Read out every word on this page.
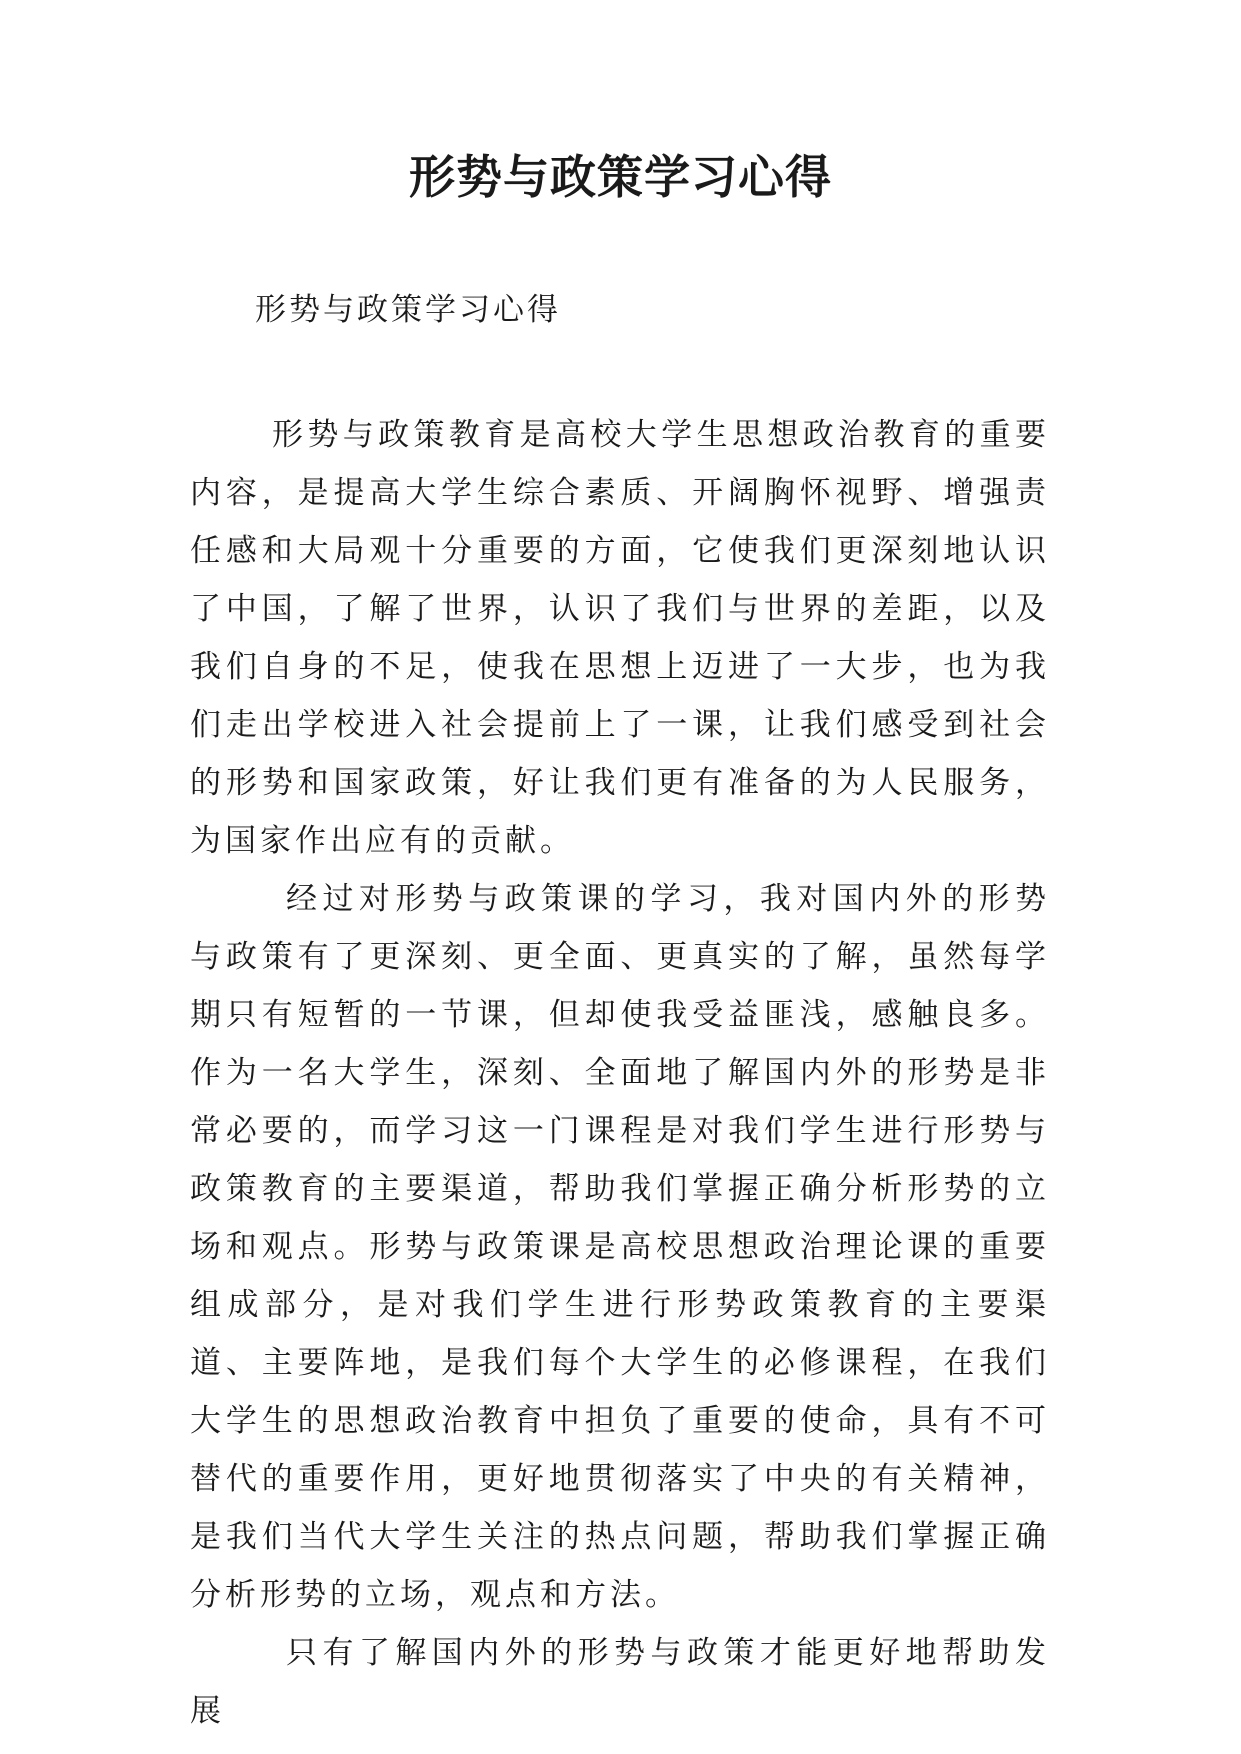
形势与政策学习心得

形势与政策学习心得

形势与政策教育是高校大学生思想政治教育的重要内容，是提高大学生综合素质、开阔胸怀视野、增强责任感和大局观十分重要的方面，它使我们更深刻地认识了中国，了解了世界，认识了我们与世界的差距，以及我们自身的不足，使我在思想上迈进了一大步，也为我们走出学校进入社会提前上了一课，让我们感受到社会的形势和国家政策，好让我们更有准备的为人民服务，为国家作出应有的贡献。

经过对形势与政策课的学习，我对国内外的形势与政策有了更深刻、更全面、更真实的了解，虽然每学期只有短暂的一节课，但却使我受益匪浅，感触良多。作为一名大学生，深刻、全面地了解国内外的形势是非常必要的，而学习这一门课程是对我们学生进行形势与政策教育的主要渠道，帮助我们掌握正确分析形势的立场和观点。形势与政策课是高校思想政治理论课的重要组成部分，是对我们学生进行形势政策教育的主要渠道、主要阵地，是我们每个大学生的必修课程，在我们大学生的思想政治教育中担负了重要的使命，具有不可替代的重要作用，更好地贯彻落实了中央的有关精神，是我们当代大学生关注的热点问题，帮助我们掌握正确分析形势的立场，观点和方法。

只有了解国内外的形势与政策才能更好地帮助发展
